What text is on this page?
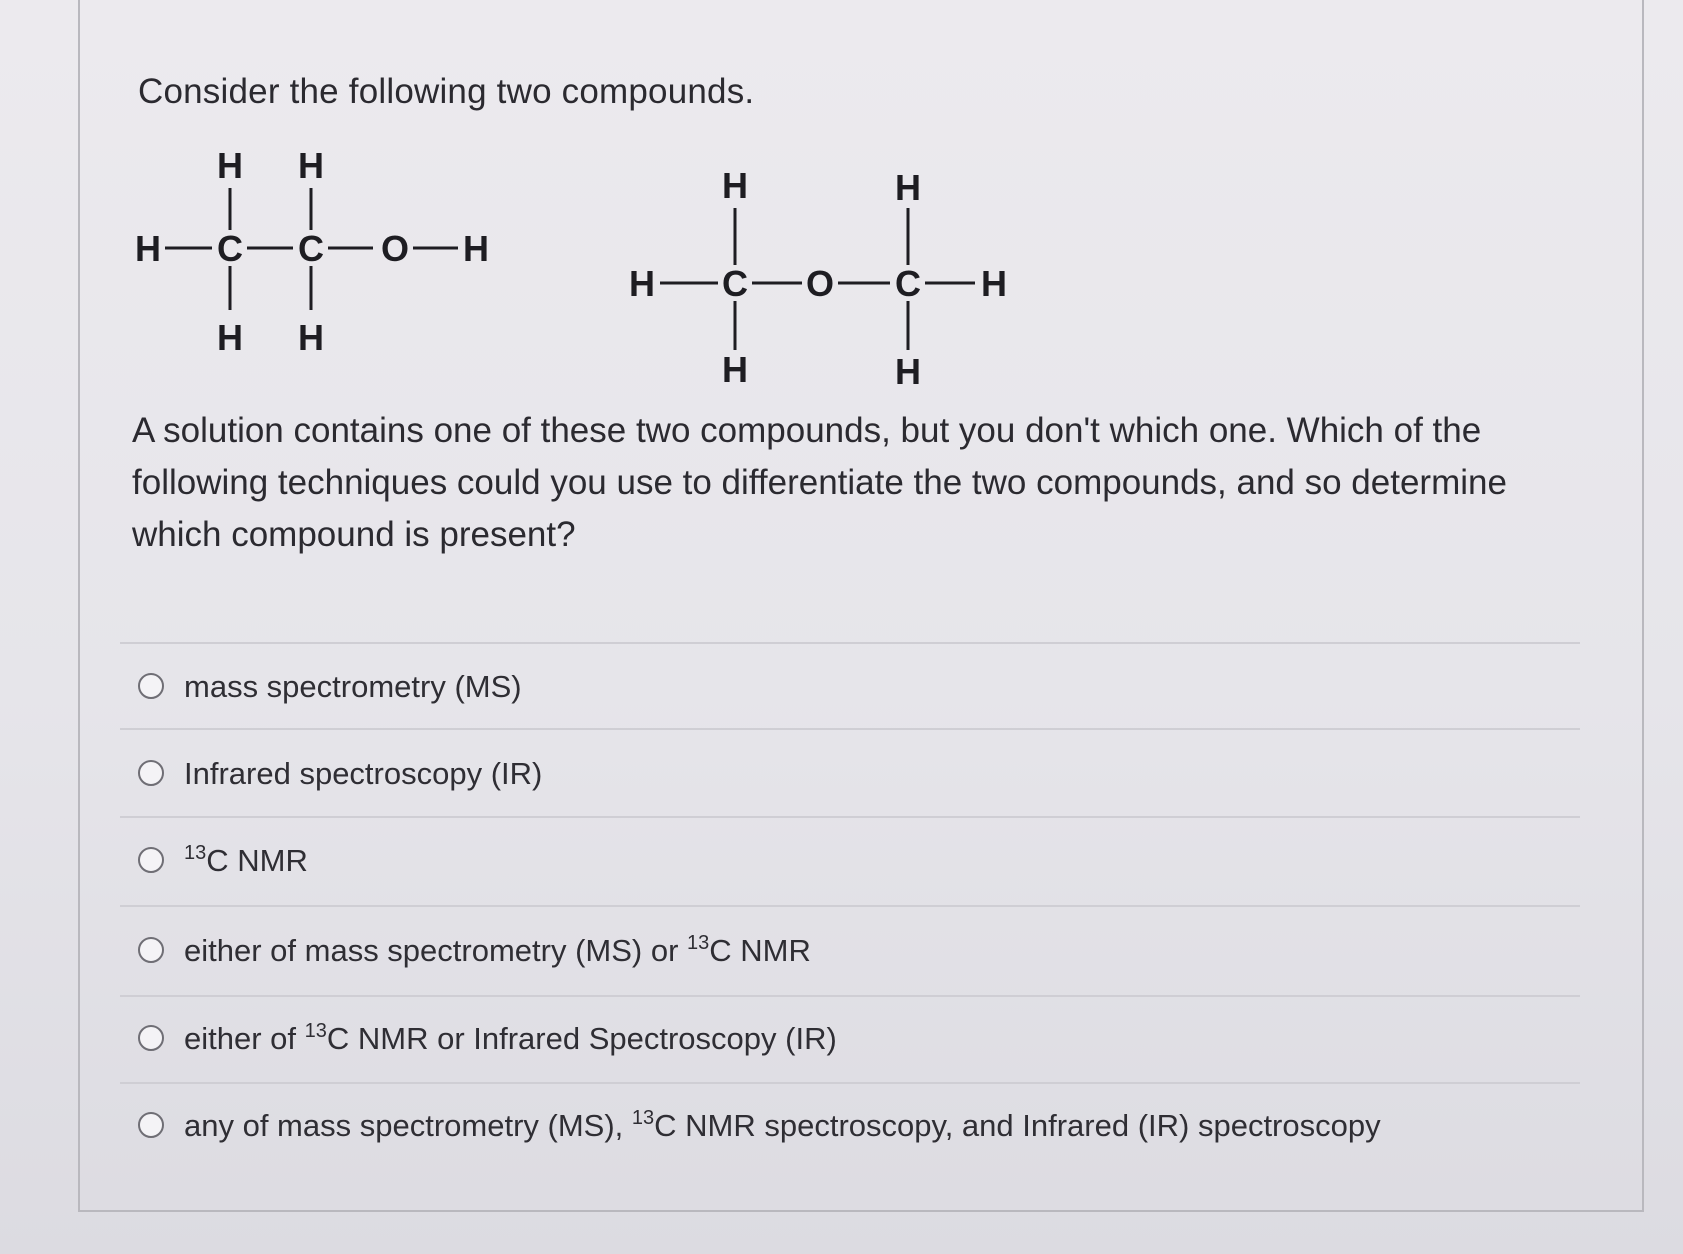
Consider the following two compounds.
H H
H C C O H
H H
H	H
H C O C H
H	H

A solution contains one of these two compounds, but you don't which one. Which of the following techniques could you use to differentiate the two compounds, and so determine which compound is present?

mass spectrometry (MS)
Infrared spectroscopy (IR)
$^{13}$C NMR
either of mass spectrometry (MS) or $^{13}$C NMR
either of $^{13}$C NMR or Infrared Spectroscopy (IR)
any of mass spectrometry (MS), $^{13}$C NMR spectroscopy, and Infrared (IR) spectroscopy
